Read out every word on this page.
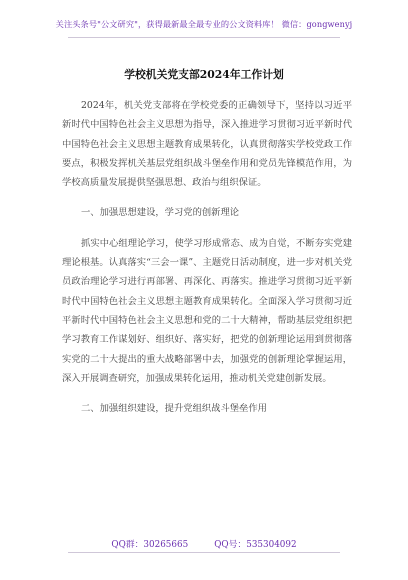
关注头条号"公文研究"，获得最新最全最专业的公文资料库！ 微信：gongwenyj
学校机关党支部2024年工作计划

2024年，机关党支部将在学校党委的正确领导下，坚持以习近平新时代中国特色社会主义思想为指导，深入推进学习贯彻习近平新时代中国特色社会主义思想主题教育成果转化，认真贯彻落实学校党政工作要点，积极发挥机关基层党组织战斗堡垒作用和党员先锋模范作用，为学校高质量发展提供坚强思想、政治与组织保证。

一、加强思想建设，学习党的创新理论

抓实中心组理论学习，使学习形成常态、成为自觉，不断夯实党建理论根基。认真落实“三会一课”、主题党日活动制度，进一步对机关党员政治理论学习进行再部署、再深化、再落实。推进学习贯彻习近平新时代中国特色社会主义思想主题教育成果转化。全面深入学习贯彻习近平新时代中国特色社会主义思想和党的二十大精神，帮助基层党组织把学习教育工作谋划好、组织好、落实好，把党的创新理论运用到贯彻落实党的二十大提出的重大战略部署中去，加强党的创新理论掌握运用，深入开展调查研究，加强成果转化运用，推动机关党建创新发展。

二、加强组织建设，提升党组织战斗堡垒作用

QQ群：30265665	QQ号：535304092
